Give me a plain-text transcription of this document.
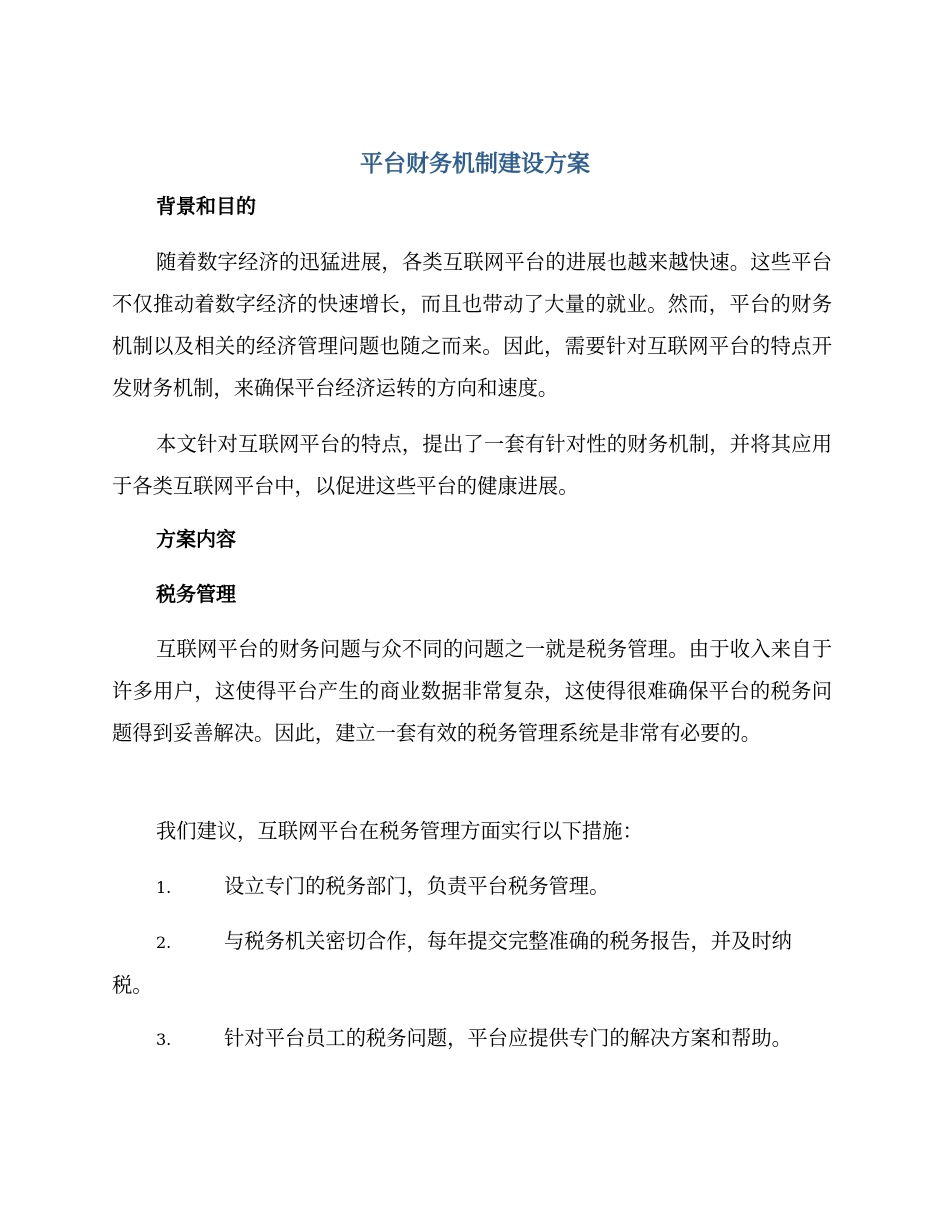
平台财务机制建设方案
背景和目的
随着数字经济的迅猛进展，各类互联网平台的进展也越来越快速。这些平台不仅推动着数字经济的快速增长，而且也带动了大量的就业。然而，平台的财务机制以及相关的经济管理问题也随之而来。因此，需要针对互联网平台的特点开发财务机制，来确保平台经济运转的方向和速度。
本文针对互联网平台的特点，提出了一套有针对性的财务机制，并将其应用于各类互联网平台中，以促进这些平台的健康进展。
方案内容
税务管理
互联网平台的财务问题与众不同的问题之一就是税务管理。由于收入来自于许多用户，这使得平台产生的商业数据非常复杂，这使得很难确保平台的税务问题得到妥善解决。因此，建立一套有效的税务管理系统是非常有必要的。
我们建议，互联网平台在税务管理方面实行以下措施：
1.	设立专门的税务部门，负责平台税务管理。
2.	与税务机关密切合作，每年提交完整准确的税务报告，并及时纳税。
3.	针对平台员工的税务问题，平台应提供专门的解决方案和帮助。
